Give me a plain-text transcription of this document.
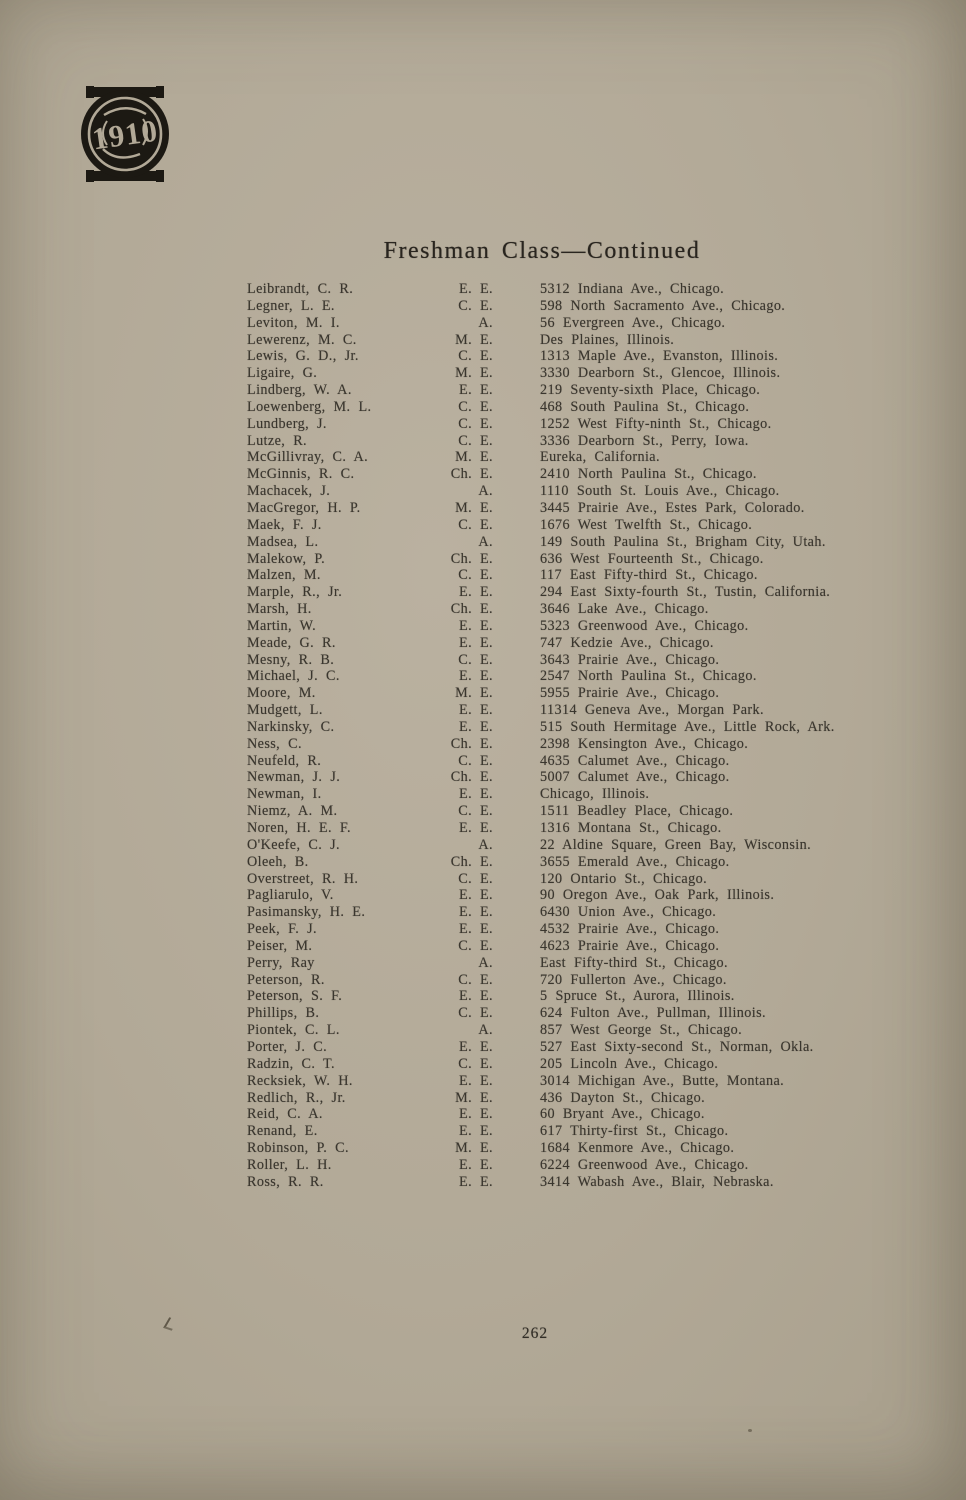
1910
Freshman Class—Continued
Leibrandt, C. R.	E. E.	5312 Indiana Ave., Chicago.
Legner, L. E.	C. E.	598 North Sacramento Ave., Chicago.
Leviton, M. I.	A.	56 Evergreen Ave., Chicago.
Lewerenz, M. C.	M. E.	Des Plaines, Illinois.
Lewis, G. D., Jr.	C. E.	1313 Maple Ave., Evanston, Illinois.
Ligaire, G.	M. E.	3330 Dearborn St., Glencoe, Illinois.
Lindberg, W. A.	E. E.	219 Seventy-sixth Place, Chicago.
Loewenberg, M. L.	C. E.	468 South Paulina St., Chicago.
Lundberg, J.	C. E.	1252 West Fifty-ninth St., Chicago.
Lutze, R.	C. E.	3336 Dearborn St., Perry, Iowa.
McGillivray, C. A.	M. E.	Eureka, California.
McGinnis, R. C.	Ch. E.	2410 North Paulina St., Chicago.
Machacek, J.	A.	1110 South St. Louis Ave., Chicago.
MacGregor, H. P.	M. E.	3445 Prairie Ave., Estes Park, Colorado.
Maek, F. J.	C. E.	1676 West Twelfth St., Chicago.
Madsea, L.	A.	149 South Paulina St., Brigham City, Utah.
Malekow, P.	Ch. E.	636 West Fourteenth St., Chicago.
Malzen, M.	C. E.	117 East Fifty-third St., Chicago.
Marple, R., Jr.	E. E.	294 East Sixty-fourth St., Tustin, California.
Marsh, H.	Ch. E.	3646 Lake Ave., Chicago.
Martin, W.	E. E.	5323 Greenwood Ave., Chicago.
Meade, G. R.	E. E.	747 Kedzie Ave., Chicago.
Mesny, R. B.	C. E.	3643 Prairie Ave., Chicago.
Michael, J. C.	E. E.	2547 North Paulina St., Chicago.
Moore, M.	M. E.	5955 Prairie Ave., Chicago.
Mudgett, L.	E. E.	11314 Geneva Ave., Morgan Park.
Narkinsky, C.	E. E.	515 South Hermitage Ave., Little Rock, Ark.
Ness, C.	Ch. E.	2398 Kensington Ave., Chicago.
Neufeld, R.	C. E.	4635 Calumet Ave., Chicago.
Newman, J. J.	Ch. E.	5007 Calumet Ave., Chicago.
Newman, I.	E. E.	Chicago, Illinois.
Niemz, A. M.	C. E.	1511 Beadley Place, Chicago.
Noren, H. E. F.	E. E.	1316 Montana St., Chicago.
O'Keefe, C. J.	A.	22 Aldine Square, Green Bay, Wisconsin.
Oleeh, B.	Ch. E.	3655 Emerald Ave., Chicago.
Overstreet, R. H.	C. E.	120 Ontario St., Chicago.
Pagliarulo, V.	E. E.	90 Oregon Ave., Oak Park, Illinois.
Pasimansky, H. E.	E. E.	6430 Union Ave., Chicago.
Peek, F. J.	E. E.	4532 Prairie Ave., Chicago.
Peiser, M.	C. E.	4623 Prairie Ave., Chicago.
Perry, Ray	A.	East Fifty-third St., Chicago.
Peterson, R.	C. E.	720 Fullerton Ave., Chicago.
Peterson, S. F.	E. E.	5 Spruce St., Aurora, Illinois.
Phillips, B.	C. E.	624 Fulton Ave., Pullman, Illinois.
Piontek, C. L.	A.	857 West George St., Chicago.
Porter, J. C.	E. E.	527 East Sixty-second St., Norman, Okla.
Radzin, C. T.	C. E.	205 Lincoln Ave., Chicago.
Recksiek, W. H.	E. E.	3014 Michigan Ave., Butte, Montana.
Redlich, R., Jr.	M. E.	436 Dayton St., Chicago.
Reid, C. A.	E. E.	60 Bryant Ave., Chicago.
Renand, E.	E. E.	617 Thirty-first St., Chicago.
Robinson, P. C.	M. E.	1684 Kenmore Ave., Chicago.
Roller, L. H.	E. E.	6224 Greenwood Ave., Chicago.
Ross, R. R.	E. E.	3414 Wabash Ave., Blair, Nebraska.
262
